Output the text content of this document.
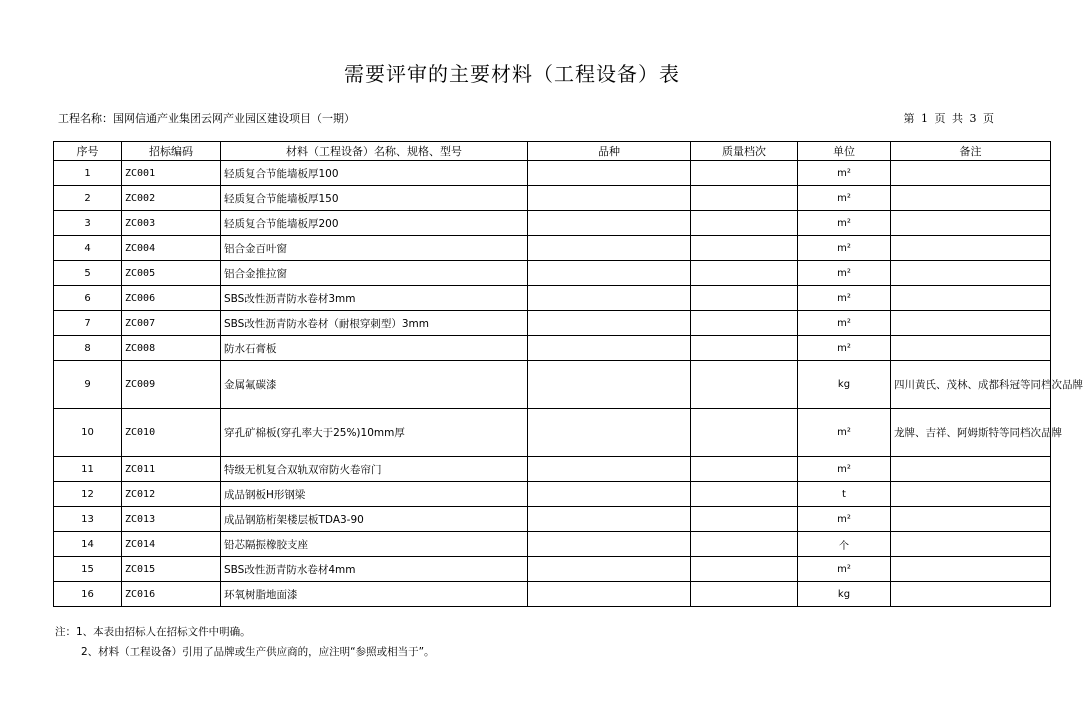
需要评审的主要材料（工程设备）表
工程名称：国网信通产业集团云网产业园区建设项目（一期）	第 1 页 共 3 页
序号	招标编码	材料（工程设备）名称、规格、型号	品种	质量档次	单位	备注
1	ZC001	轻质复合节能墙板厚100			m²	
2	ZC002	轻质复合节能墙板厚150			m²	
3	ZC003	轻质复合节能墙板厚200			m²	
4	ZC004	铝合金百叶窗			m²	
5	ZC005	铝合金推拉窗			m²	
6	ZC006	SBS改性沥青防水卷材3mm			m²	
7	ZC007	SBS改性沥青防水卷材（耐根穿刺型）3mm			m²	
8	ZC008	防水石膏板			m²	
9	ZC009	金属氟碳漆			kg	四川黄氏、茂林、成都科冠等同档次品牌
10	ZC010	穿孔矿棉板(穿孔率大于25%)10mm厚			m²	龙牌、吉祥、阿姆斯特等同档次品牌
11	ZC011	特级无机复合双轨双帘防火卷帘门			m²	
12	ZC012	成品钢板H形钢梁			t	
13	ZC013	成品钢筋桁架楼层板TDA3-90			m²	
14	ZC014	铅芯隔振橡胶支座			个	
15	ZC015	SBS改性沥青防水卷材4mm			m²	
16	ZC016	环氧树脂地面漆			kg	
注：1、本表由招标人在招标文件中明确。
2、材料（工程设备）引用了品牌或生产供应商的，应注明“参照或相当于”。
